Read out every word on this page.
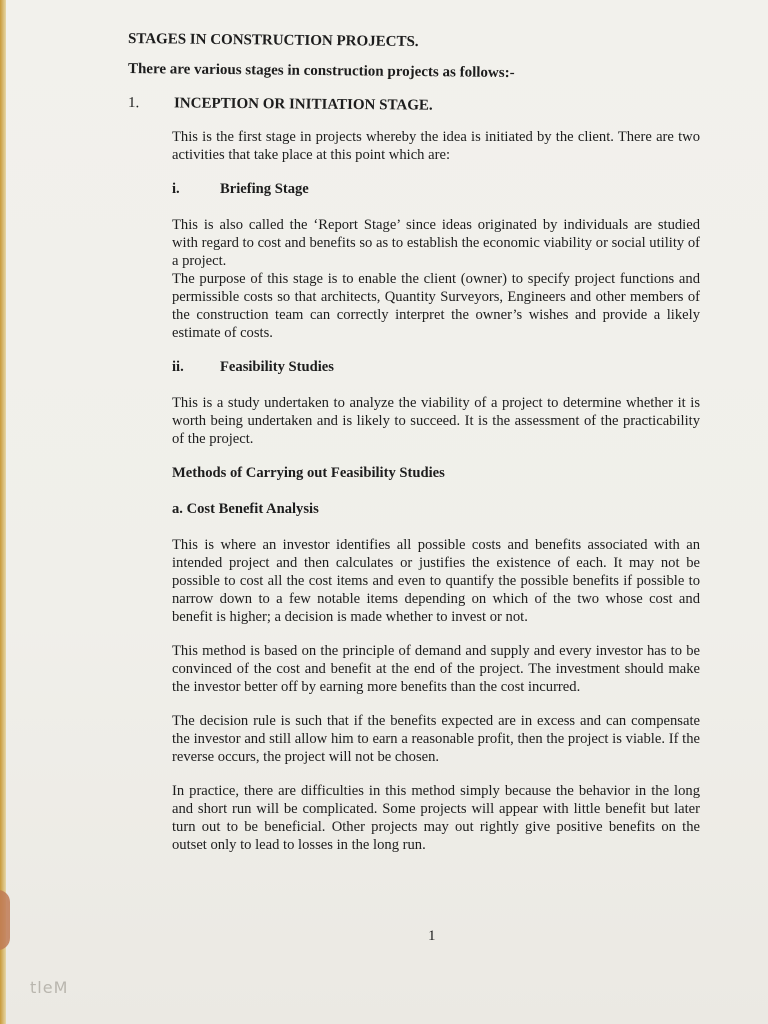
STAGES IN CONSTRUCTION PROJECTS.
There are various stages in construction projects as follows:-
1.	INCEPTION OR INITIATION STAGE.

This is the first stage in projects whereby the idea is initiated by the client. There are two activities that take place at this point which are:

i.	Briefing Stage

This is also called the ‘Report Stage’ since ideas originated by individuals are studied with regard to cost and benefits so as to establish the economic viability or social utility of a project.

The purpose of this stage is to enable the client (owner) to specify project functions and permissible costs so that architects, Quantity Surveyors, Engineers and other members of the construction team can correctly interpret the owner’s wishes and provide a likely estimate of costs.

ii.	Feasibility Studies

This is a study undertaken to analyze the viability of a project to determine whether it is worth being undertaken and is likely to succeed. It is the assessment of the practicability of the project.

Methods of Carrying out Feasibility Studies
a. Cost Benefit Analysis

This is where an investor identifies all possible costs and benefits associated with an intended project and then calculates or justifies the existence of each. It may not be possible to cost all the cost items and even to quantify the possible benefits if possible to narrow down to a few notable items depending on which of the two whose cost and benefit is higher; a decision is made whether to invest or not.

This method is based on the principle of demand and supply and every investor has to be convinced of the cost and benefit at the end of the project. The investment should make the investor better off by earning more benefits than the cost incurred.

The decision rule is such that if the benefits expected are in excess and can compensate the investor and still allow him to earn a reasonable profit, then the project is viable. If the reverse occurs, the project will not be chosen.

In practice, there are difficulties in this method simply because the behavior in the long and short run will be complicated. Some projects will appear with little benefit but later turn out to be beneficial. Other projects may out rightly give positive benefits on the outset only to lead to losses in the long run.

1
tleM
